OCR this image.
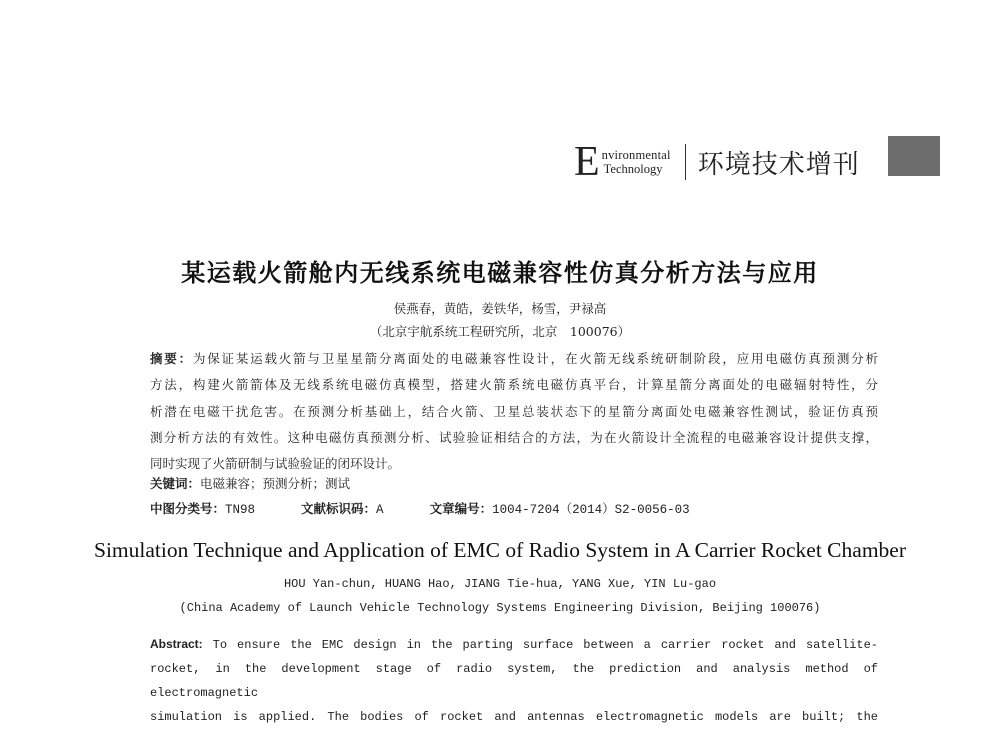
E nvironmental
Technology	环境技术增刊
某运载火箭舱内无线系统电磁兼容性仿真分析方法与应用
侯燕春，黄皓，姜铁华，杨雪，尹禄高
（北京宇航系统工程研究所，北京　100076）
摘要：为保证某运载火箭与卫星星箭分离面处的电磁兼容性设计，在火箭无线系统研制阶段，应用电磁仿真预测分析
方法，构建火箭箭体及无线系统电磁仿真模型，搭建火箭系统电磁仿真平台，计算星箭分离面处的电磁辐射特性，分
析潜在电磁干扰危害。在预测分析基础上，结合火箭、卫星总装状态下的星箭分离面处电磁兼容性测试，验证仿真预
测分析方法的有效性。这种电磁仿真预测分析、试验验证相结合的方法，为在火箭设计全流程的电磁兼容设计提供支撑，
同时实现了火箭研制与试验验证的闭环设计。
关键词：电磁兼容；预测分析；测试
中图分类号：TN98	文献标识码：A	文章编号：1004-7204（2014）S2-0056-03
Simulation Technique and Application of EMC of Radio System in A Carrier Rocket Chamber
HOU Yan-chun, HUANG Hao, JIANG Tie-hua, YANG Xue, YIN Lu-gao
(China Academy of Launch Vehicle Technology Systems Engineering Division, Beijing 100076)
Abstract: To ensure the EMC design in the parting surface between a carrier rocket and satellite-
rocket, in the development stage of radio system, the prediction and analysis method of electromagnetic
simulation is applied. The bodies of rocket and antennas electromagnetic models are built; the
